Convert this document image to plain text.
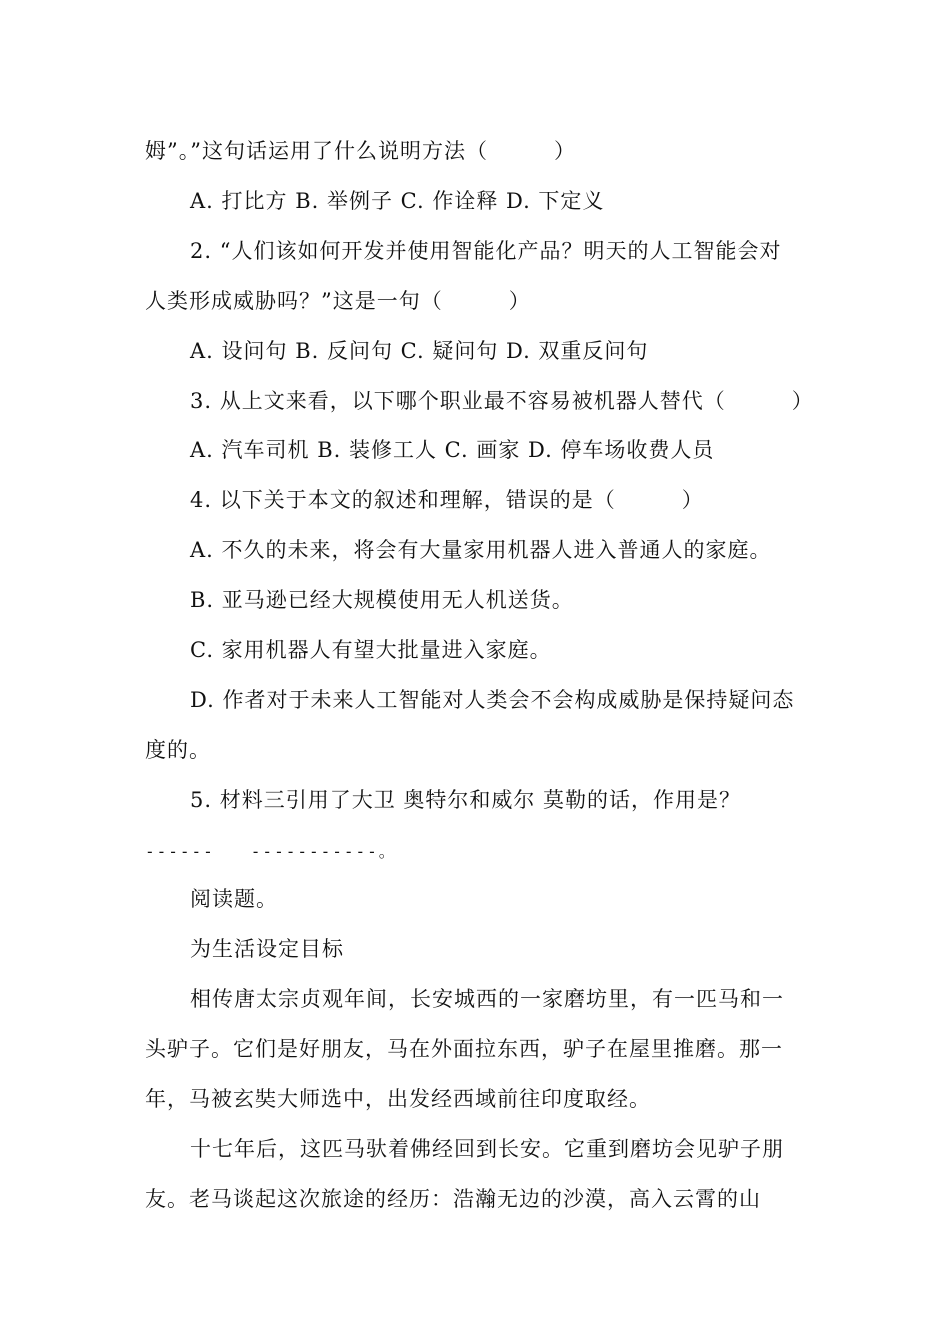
姆”。”这句话运用了什么说明方法（　　　）
A. 打比方 B. 举例子 C. 作诠释 D. 下定义
2. “人们该如何开发并使用智能化产品？明天的人工智能会对
人类形成威胁吗？”这是一句（　　　）
A. 设问句 B. 反问句 C. 疑问句 D. 双重反问句
3. 从上文来看，以下哪个职业最不容易被机器人替代（　　　）
A. 汽车司机 B. 装修工人 C. 画家 D. 停车场收费人员
4. 以下关于本文的叙述和理解，错误的是（　　　）
A. 不久的未来，将会有大量家用机器人进入普通人的家庭。
B. 亚马逊已经大规模使用无人机送货。
C. 家用机器人有望大批量进入家庭。
D. 作者对于未来人工智能对人类会不会构成威胁是保持疑问态
度的。
5. 材料三引用了大卫 奥特尔和威尔 莫勒的话，作用是？
------　　-----------。
阅读题。
为生活设定目标
相传唐太宗贞观年间，长安城西的一家磨坊里，有一匹马和一
头驴子。它们是好朋友，马在外面拉东西，驴子在屋里推磨。那一
年，马被玄奘大师选中，出发经西域前往印度取经。
十七年后，这匹马驮着佛经回到长安。它重到磨坊会见驴子朋
友。老马谈起这次旅途的经历：浩瀚无边的沙漠，高入云霄的山
